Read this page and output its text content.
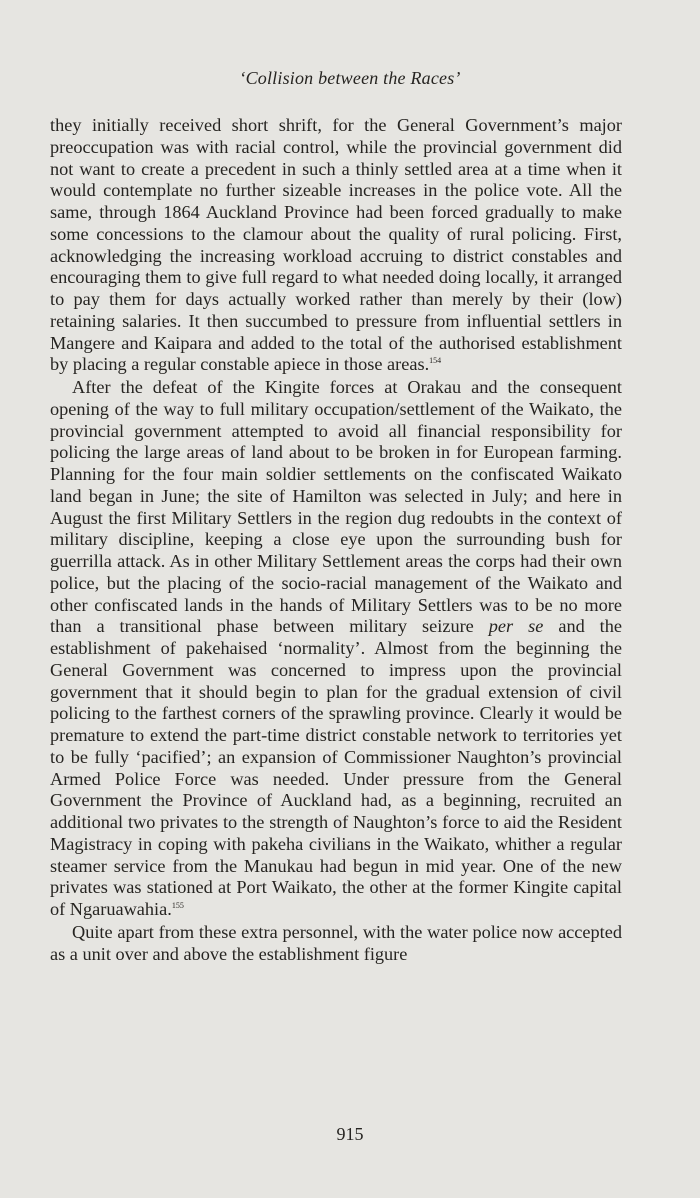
‘Collision between the Races’

they initially received short shrift, for the General Government’s major preoccupation was with racial control, while the provincial government did not want to create a precedent in such a thinly settled area at a time when it would contemplate no further sizeable increases in the police vote. All the same, through 1864 Auckland Province had been forced gradually to make some concessions to the clamour about the quality of rural policing. First, acknowledging the increasing workload accruing to district constables and encouraging them to give full regard to what needed doing locally, it arranged to pay them for days actually worked rather than merely by their (low) retaining salaries. It then succumbed to pressure from influential settlers in Mangere and Kaipara and added to the total of the authorised establishment by placing a regular constable apiece in those areas.$^{154}$

After the defeat of the Kingite forces at Orakau and the consequent opening of the way to full military occupation/settlement of the Waikato, the provincial government attempted to avoid all financial responsibility for policing the large areas of land about to be broken in for European farming. Planning for the four main soldier settlements on the confiscated Waikato land began in June; the site of Hamilton was selected in July; and here in August the first Military Settlers in the region dug redoubts in the context of military discipline, keeping a close eye upon the surrounding bush for guerrilla attack. As in other Military Settlement areas the corps had their own police, but the placing of the socio-racial management of the Waikato and other confiscated lands in the hands of Military Settlers was to be no more than a transitional phase between military seizure per se and the establishment of pakehaised ‘normality’. Almost from the beginning the General Government was concerned to impress upon the provincial government that it should begin to plan for the gradual extension of civil policing to the farthest corners of the sprawling province. Clearly it would be premature to extend the part-time district constable network to territories yet to be fully ‘pacified’; an expansion of Commissioner Naughton’s provincial Armed Police Force was needed. Under pressure from the General Government the Province of Auckland had, as a beginning, recruited an additional two privates to the strength of Naughton’s force to aid the Resident Magistracy in coping with pakeha civilians in the Waikato, whither a regular steamer service from the Manukau had begun in mid year. One of the new privates was stationed at Port Waikato, the other at the former Kingite capital of Ngaruawahia.$^{155}$

Quite apart from these extra personnel, with the water police now accepted as a unit over and above the establishment figure

915
